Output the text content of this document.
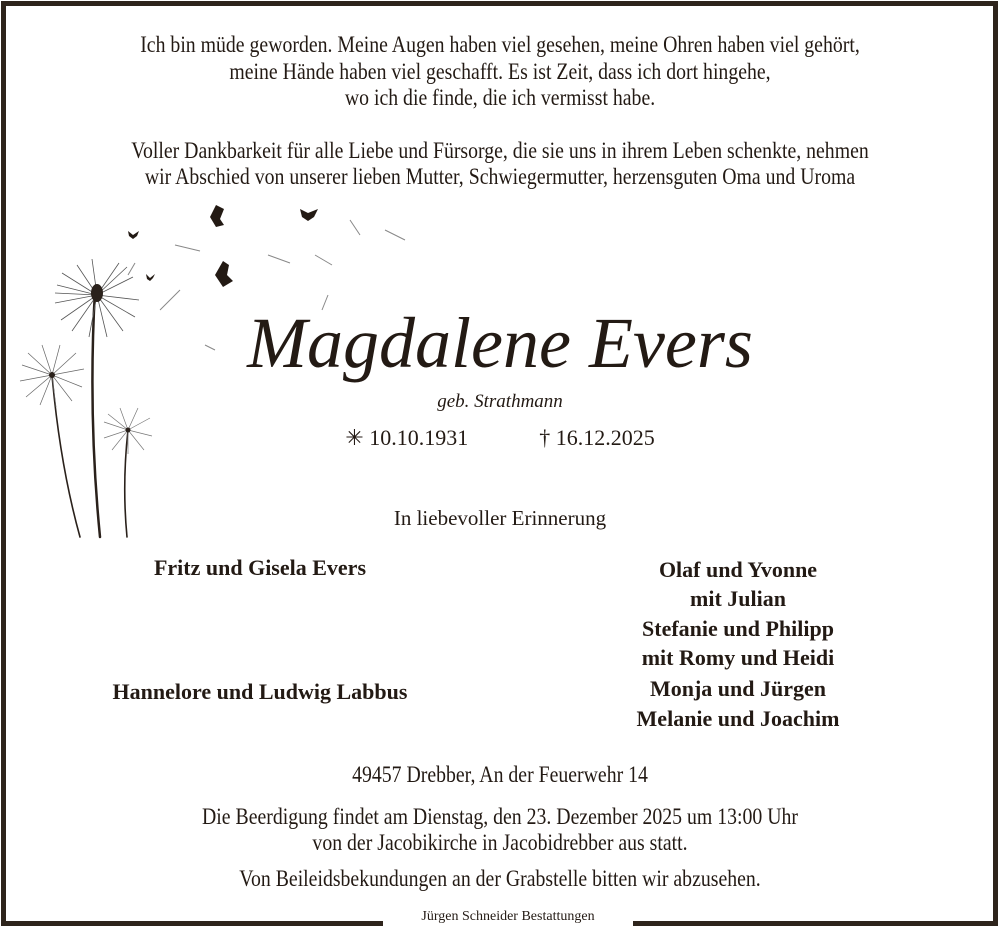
Ich bin müde geworden. Meine Augen haben viel gesehen, meine Ohren haben viel gehört,
meine Hände haben viel geschafft. Es ist Zeit, dass ich dort hingehe,
wo ich die finde, die ich vermisst habe.
Voller Dankbarkeit für alle Liebe und Fürsorge, die sie uns in ihrem Leben schenkte, nehmen
wir Abschied von unserer lieben Mutter, Schwiegermutter, herzensguten Oma und Uroma
Magdalene Evers
geb. Strathmann
✳ 10.10.1931	† 16.12.2025
In liebevoller Erinnerung
Fritz und Gisela Evers
Hannelore und Ludwig Labbus
Olaf und Yvonne
mit Julian
Stefanie und Philipp
mit Romy und Heidi
Monja und Jürgen
Melanie und Joachim
49457 Drebber, An der Feuerwehr 14
Die Beerdigung findet am Dienstag, den 23. Dezember 2025 um 13:00 Uhr
von der Jacobikirche in Jacobidrebber aus statt.
Von Beileidsbekundungen an der Grabstelle bitten wir abzusehen.
Jürgen Schneider Bestattungen
